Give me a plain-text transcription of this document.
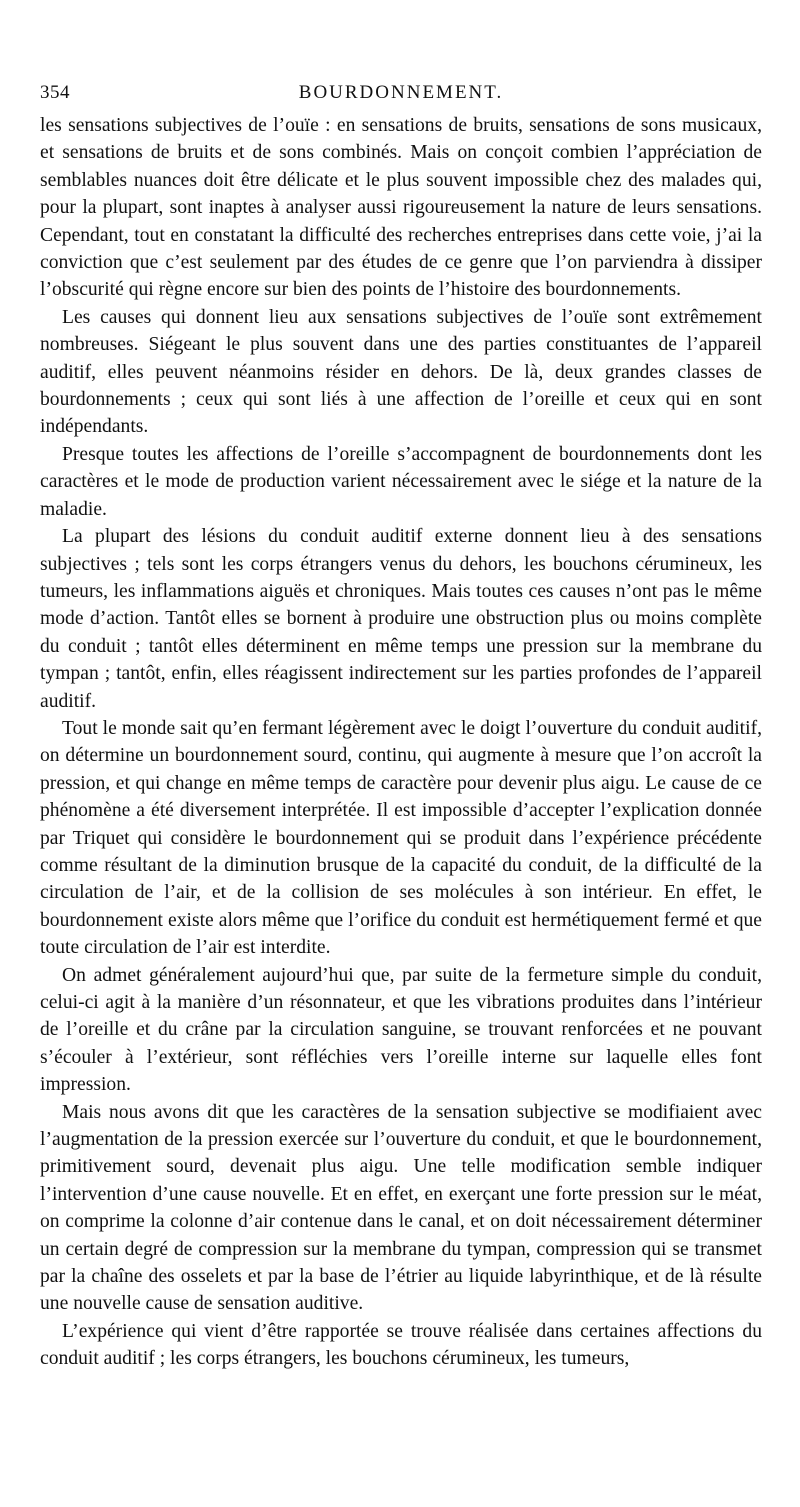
354	BOURDONNEMENT.

les sensations subjectives de l’ouïe : en sensations de bruits, sensations de sons musicaux, et sensations de bruits et de sons combinés. Mais on conçoit combien l’appréciation de semblables nuances doit être délicate et le plus souvent impossible chez des malades qui, pour la plupart, sont inaptes à analyser aussi rigoureusement la nature de leurs sensations. Cependant, tout en constatant la difficulté des recherches entreprises dans cette voie, j’ai la conviction que c’est seulement par des études de ce genre que l’on parviendra à dissiper l’obscurité qui règne encore sur bien des points de l’histoire des bourdonnements.

Les causes qui donnent lieu aux sensations subjectives de l’ouïe sont extrêmement nombreuses. Siégeant le plus souvent dans une des parties constituantes de l’appareil auditif, elles peuvent néanmoins résider en dehors. De là, deux grandes classes de bourdonnements ; ceux qui sont liés à une affection de l’oreille et ceux qui en sont indépendants.

Presque toutes les affections de l’oreille s’accompagnent de bourdonnements dont les caractères et le mode de production varient nécessairement avec le siége et la nature de la maladie.

La plupart des lésions du conduit auditif externe donnent lieu à des sensations subjectives ; tels sont les corps étrangers venus du dehors, les bouchons cérumineux, les tumeurs, les inflammations aiguës et chroniques. Mais toutes ces causes n’ont pas le même mode d’action. Tantôt elles se bornent à produire une obstruction plus ou moins complète du conduit ; tantôt elles déterminent en même temps une pression sur la membrane du tympan ; tantôt, enfin, elles réagissent indirectement sur les parties profondes de l’appareil auditif.

Tout le monde sait qu’en fermant légèrement avec le doigt l’ouverture du conduit auditif, on détermine un bourdonnement sourd, continu, qui augmente à mesure que l’on accroît la pression, et qui change en même temps de caractère pour devenir plus aigu. Le cause de ce phénomène a été diversement interprétée. Il est impossible d’accepter l’explication donnée par Triquet qui considère le bourdonnement qui se produit dans l’expérience précédente comme résultant de la diminution brusque de la capacité du conduit, de la difficulté de la circulation de l’air, et de la collision de ses molécules à son intérieur. En effet, le bourdonnement existe alors même que l’orifice du conduit est hermétiquement fermé et que toute circulation de l’air est interdite.

On admet généralement aujourd’hui que, par suite de la fermeture simple du conduit, celui-ci agit à la manière d’un résonnateur, et que les vibrations produites dans l’intérieur de l’oreille et du crâne par la circulation sanguine, se trouvant renforcées et ne pouvant s’écouler à l’extérieur, sont réfléchies vers l’oreille interne sur laquelle elles font impression.

Mais nous avons dit que les caractères de la sensation subjective se modifiaient avec l’augmentation de la pression exercée sur l’ouverture du conduit, et que le bourdonnement, primitivement sourd, devenait plus aigu. Une telle modification semble indiquer l’intervention d’une cause nouvelle. Et en effet, en exerçant une forte pression sur le méat, on comprime la colonne d’air contenue dans le canal, et on doit nécessairement déterminer un certain degré de compression sur la membrane du tympan, compression qui se transmet par la chaîne des osselets et par la base de l’étrier au liquide labyrinthique, et de là résulte une nouvelle cause de sensation auditive.

L’expérience qui vient d’être rapportée se trouve réalisée dans certaines affections du conduit auditif ; les corps étrangers, les bouchons cérumineux, les tumeurs,
